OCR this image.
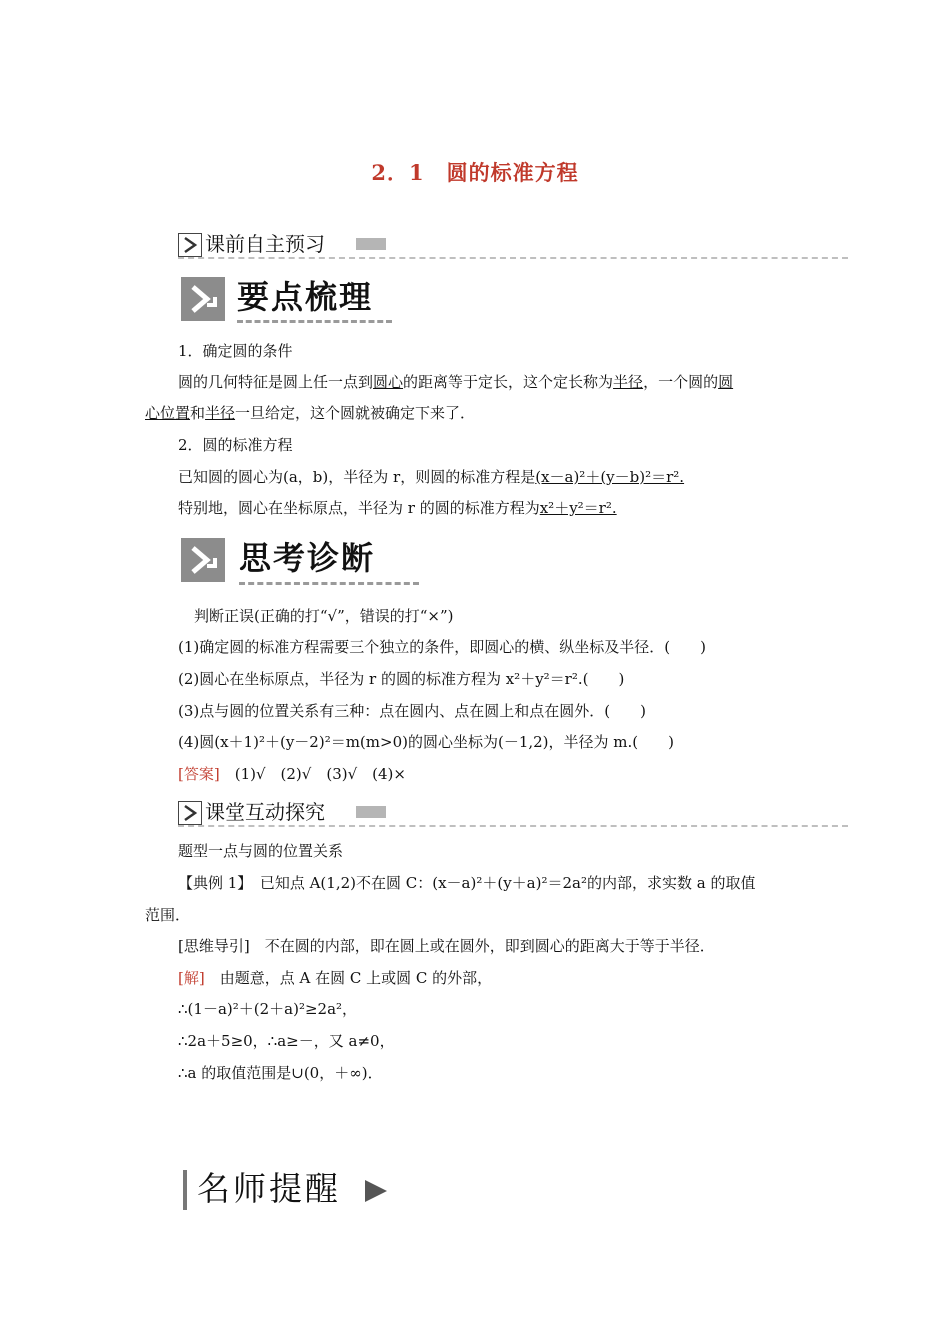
2．1　圆的标准方程
课前自主预习
要点梳理
1．确定圆的条件
圆的几何特征是圆上任一点到圆心的距离等于定长，这个定长称为半径，一个圆的圆
心位置和半径一旦给定，这个圆就被确定下来了．
2．圆的标准方程
已知圆的圆心为(a，b)，半径为 r，则圆的标准方程是(x－a)²＋(y－b)²＝r².
特别地，圆心在坐标原点，半径为 r 的圆的标准方程为x²＋y²＝r².
思考诊断
判断正误(正确的打“√”，错误的打“×”)
(1)确定圆的标准方程需要三个独立的条件，即圆心的横、纵坐标及半径．(　　)
(2)圆心在坐标原点，半径为 r 的圆的标准方程为 x²＋y²＝r².(　　)
(3)点与圆的位置关系有三种：点在圆内、点在圆上和点在圆外．(　　)
(4)圆(x＋1)²＋(y－2)²＝m(m>0)的圆心坐标为(－1,2)，半径为 m.(　　)
[答案]　 (1)√　(2)√　(3)√　(4)×
课堂互动探究
题型一点与圆的位置关系
【典例 1】　 已知点 A(1,2)不在圆 C：(x－a)²＋(y＋a)²＝2a²的内部，求实数 a 的取值
范围．
[思维导引]　不在圆的内部，即在圆上或在圆外，即到圆心的距离大于等于半径．
[解]　 由题意，点 A 在圆 C 上或圆 C 的外部，
∴(1－a)²＋(2＋a)²≥2a²，
∴2a＋5≥0，∴a≥－，又 a≠0，
∴a 的取值范围是∪(0，＋∞)．
名师提醒
